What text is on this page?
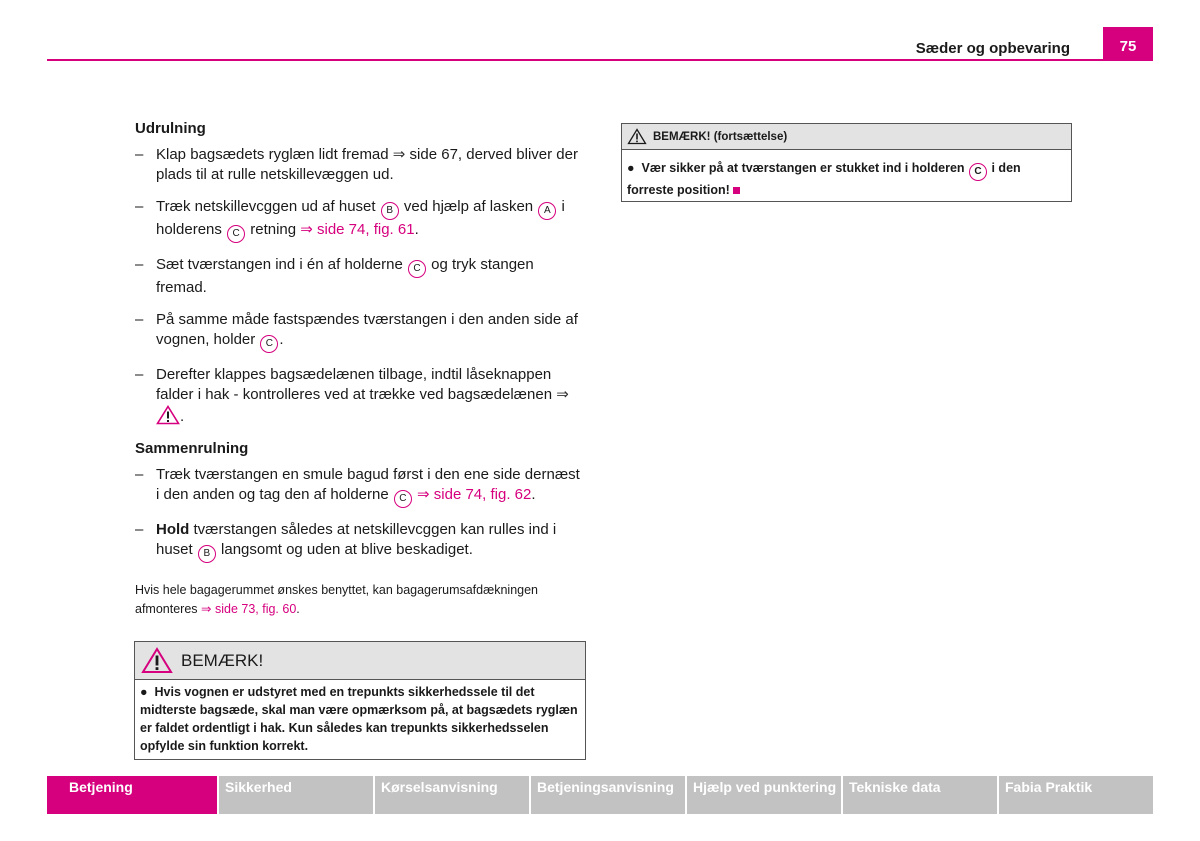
Sæder og opbevaring	75
Udrulning
– Klap bagsædets ryglæn lidt fremad ⇒ side 67, derved bliver der plads til at rulle netskillevæggen ud.
– Træk netskillevcggen ud af huset B ved hjælp af lasken A i holderens C retning ⇒ side 74, fig. 61.
– Sæt tværstangen ind i én af holderne C og tryk stangen fremad.
– På samme måde fastspændes tværstangen i den anden side af vognen, holder C .
– Derefter klappes bagsædelænen tilbage, indtil låseknappen falder i hak - kontrolleres ved at trække ved bagsædelænen ⇒ .
Sammenrulning
– Træk tværstangen en smule bagud først i den ene side dernæst i den anden og tag den af holderne C ⇒ side 74, fig. 62.
– Hold tværstangen således at netskillevcggen kan rulles ind i huset B langsomt og uden at blive beskadiget.

Hvis hele bagagerummet ønskes benyttet, kan bagagerumsafdækningen afmonteres ⇒ side 73, fig. 60.

BEMÆRK!
● Hvis vognen er udstyret med en trepunkts sikkerhedssele til det midterste bagsæde, skal man være opmærksom på, at bagsædets ryglæn er faldet ordentligt i hak. Kun således kan trepunkts sikkerhedsselen opfylde sin funktion korrekt.
BEMÆRK! (fortsættelse)
● Vær sikker på at tværstangen er stukket ind i holderen C i den forreste position!
Betjening	Sikkerhed	Kørselsanvisning	Betjeningsanvisning	Hjælp ved punktering Tekniske data	Fabia Praktik
